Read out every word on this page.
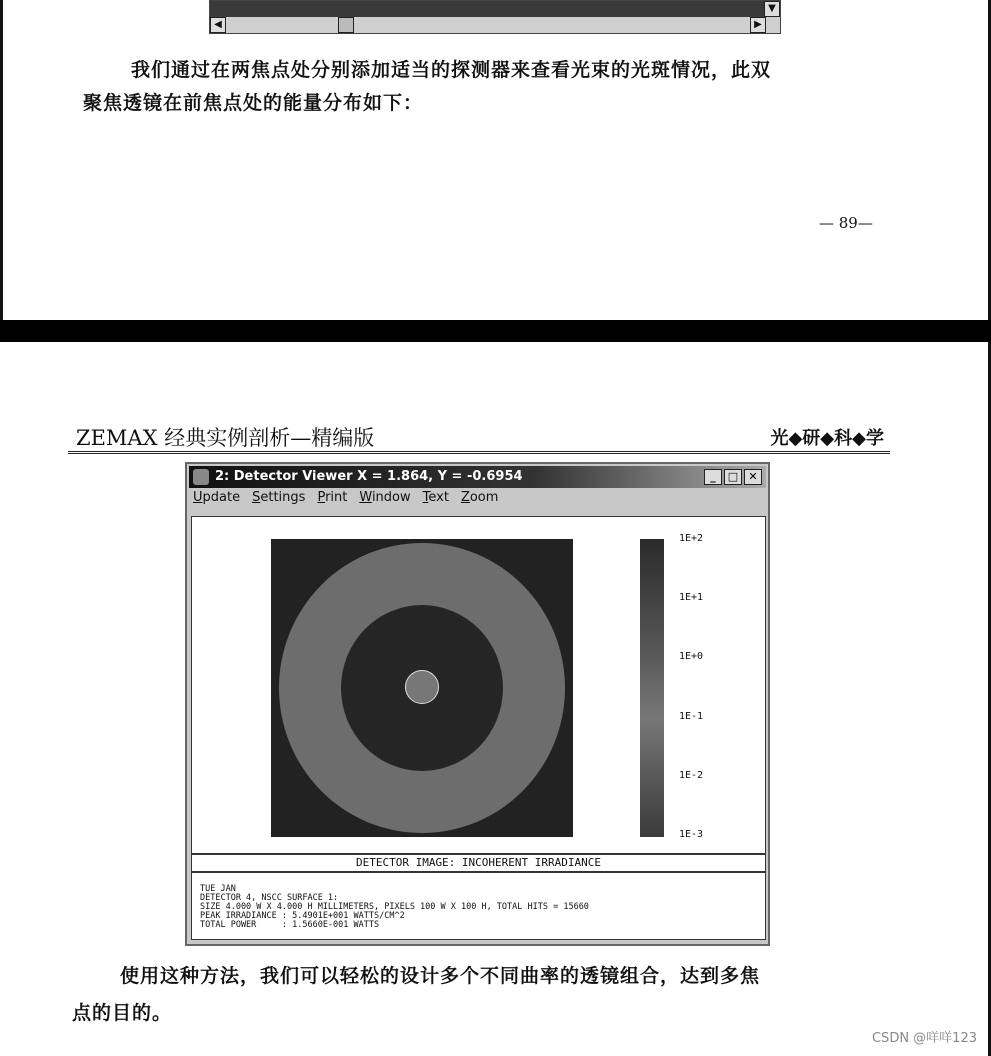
◀	▶
▼
我们通过在两焦点处分别添加适当的探测器来查看光束的光斑情况，此双
聚焦透镜在前焦点处的能量分布如下：
— 89—
ZEMAX 经典实例剖析—精编版	光◆研◆科◆学
2: Detector Viewer X = 1.864, Y = -0.6954	_	□ ✕
Update Settings Print Window Text Zoom
1E+2
1E+1
1E+0
1E-1
1E-2
1E-3
DETECTOR IMAGE: INCOHERENT IRRADIANCE
TUE JAN
DETECTOR 4, NSCC SURFACE 1:
SIZE 4.000 W X 4.000 H MILLIMETERS, PIXELS 100 W X 100 H, TOTAL HITS = 15660
PEAK IRRADIANCE : 5.4901E+001 WATTS/CM^2
TOTAL POWER     : 1.5660E-001 WATTS
使用这种方法，我们可以轻松的设计多个不同曲率的透镜组合，达到多焦
点的目的。
CSDN @咩咩123
